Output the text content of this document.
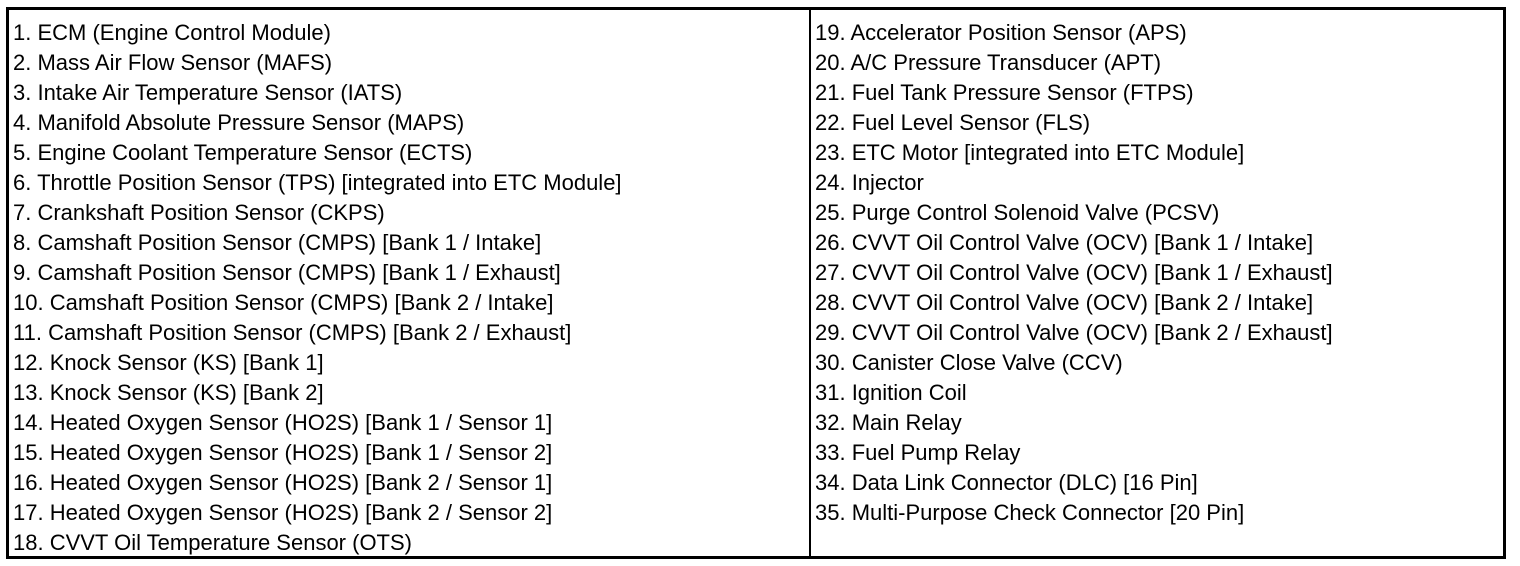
1. ECM (Engine Control Module)
2. Mass Air Flow Sensor (MAFS)
3. Intake Air Temperature Sensor (IATS)
4. Manifold Absolute Pressure Sensor (MAPS)
5. Engine Coolant Temperature Sensor (ECTS)
6. Throttle Position Sensor (TPS) [integrated into ETC Module]
7. Crankshaft Position Sensor (CKPS)
8. Camshaft Position Sensor (CMPS) [Bank 1 / Intake]
9. Camshaft Position Sensor (CMPS) [Bank 1 / Exhaust]
10. Camshaft Position Sensor (CMPS) [Bank 2 / Intake]
11. Camshaft Position Sensor (CMPS) [Bank 2 / Exhaust]
12. Knock Sensor (KS) [Bank 1]
13. Knock Sensor (KS) [Bank 2]
14. Heated Oxygen Sensor (HO2S) [Bank 1 / Sensor 1]
15. Heated Oxygen Sensor (HO2S) [Bank 1 / Sensor 2]
16. Heated Oxygen Sensor (HO2S) [Bank 2 / Sensor 1]
17. Heated Oxygen Sensor (HO2S) [Bank 2 / Sensor 2]
18. CVVT Oil Temperature Sensor (OTS)
19. Accelerator Position Sensor (APS)
20. A/C Pressure Transducer (APT)
21. Fuel Tank Pressure Sensor (FTPS)
22. Fuel Level Sensor (FLS)
23. ETC Motor [integrated into ETC Module]
24. Injector
25. Purge Control Solenoid Valve (PCSV)
26. CVVT Oil Control Valve (OCV) [Bank 1 / Intake]
27. CVVT Oil Control Valve (OCV) [Bank 1 / Exhaust]
28. CVVT Oil Control Valve (OCV) [Bank 2 / Intake]
29. CVVT Oil Control Valve (OCV) [Bank 2 / Exhaust]
30. Canister Close Valve (CCV)
31. Ignition Coil
32. Main Relay
33. Fuel Pump Relay
34. Data Link Connector (DLC) [16 Pin]
35. Multi-Purpose Check Connector [20 Pin]
